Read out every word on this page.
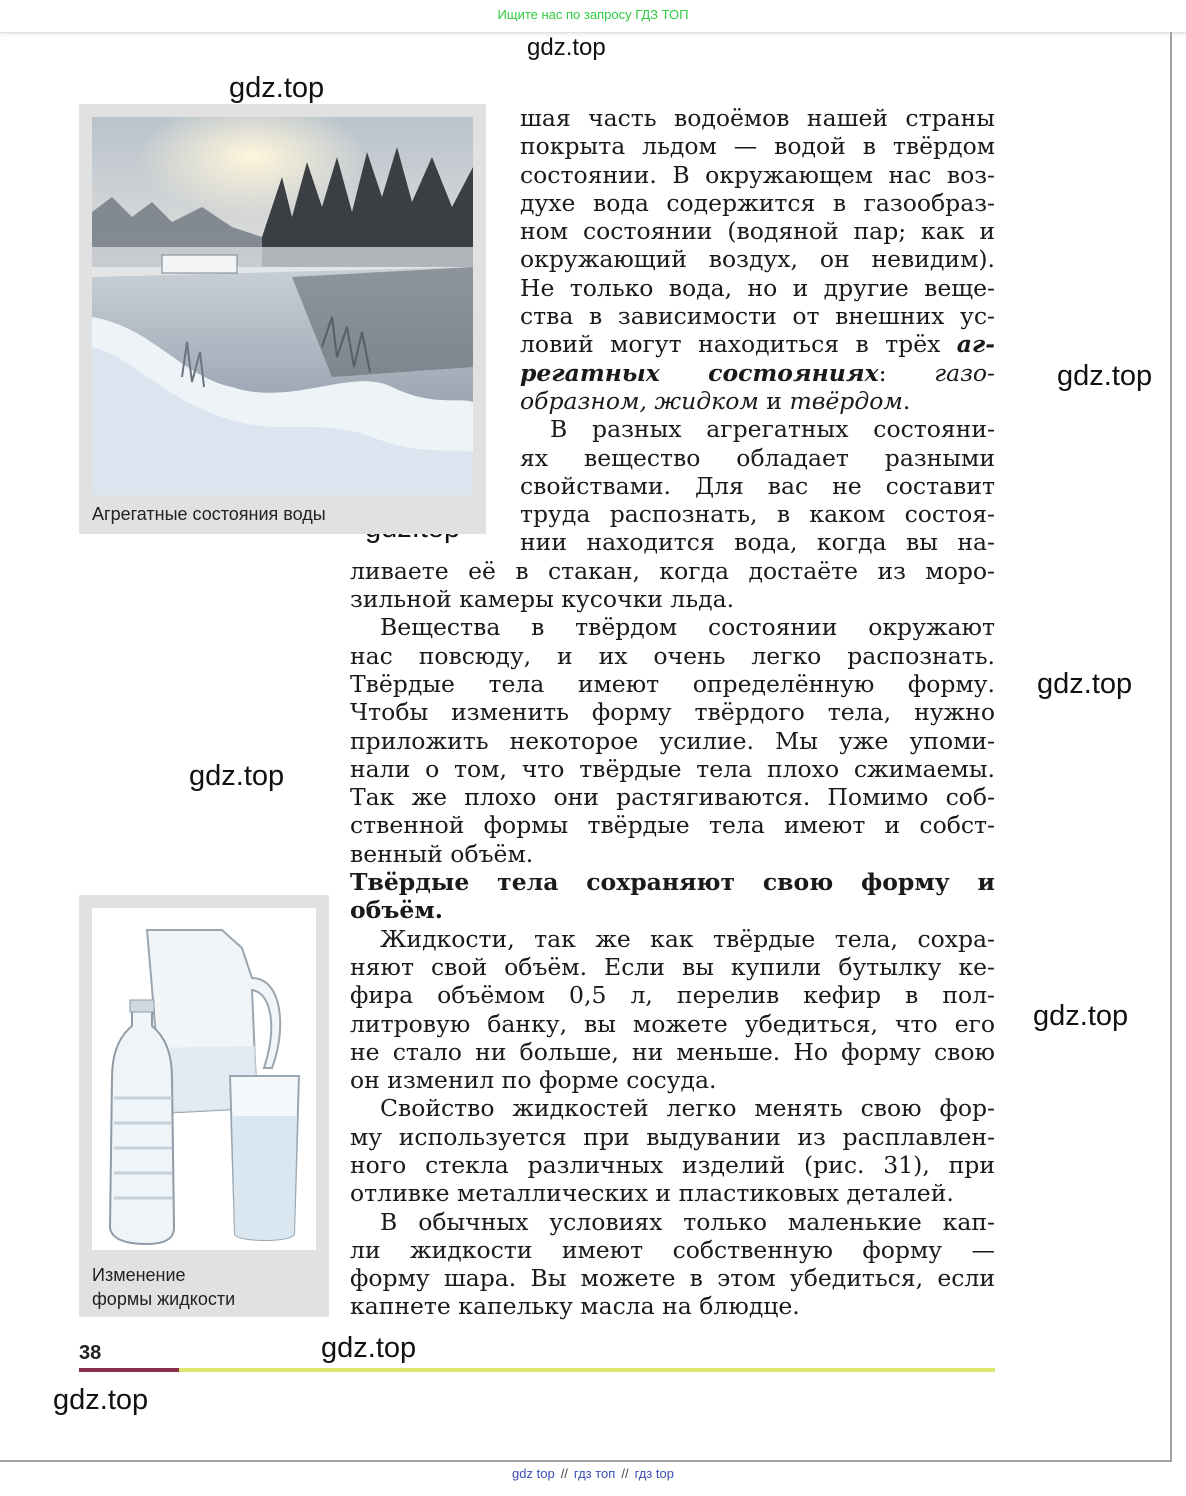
Ищите нас по запросу ГДЗ ТОП
gdz.top
gdz.top
gdz.top
gdz.top
gdz.top
gdz.top
gdz.top
gdz.top
Агрегатные состояния воды
Изменение
формы жидкости
шая часть водоёмов нашей страны
покрыта льдом — водой в твёрдом
состоянии. В окружающем нас воз-
духе вода содержится в газообраз-
ном состоянии (водяной пар; как и
окружающий воздух, он невидим).
Не только вода, но и другие веще-
ства в зависимости от внешних ус-
ловий могут находиться в трёх аг-
регатных состояниях: газо-
образном, жидком и твёрдом.
В разных агрегатных состояни-
ях вещество обладает разными
свойствами. Для вас не составит
труда распознать, в каком состоя-
нии находится вода, когда вы на-
ливаете её в стакан, когда достаёте из моро-
зильной камеры кусочки льда.
Вещества в твёрдом состоянии окружают
нас повсюду, и их очень легко распознать.
Твёрдые тела имеют определённую форму.
Чтобы изменить форму твёрдого тела, нужно
приложить некоторое усилие. Мы уже упоми-
нали о том, что твёрдые тела плохо сжимаемы.
Так же плохо они растягиваются. Помимо соб-
ственной формы твёрдые тела имеют и собст-
венный объём.
Твёрдые тела сохраняют свою форму и
объём.
Жидкости, так же как твёрдые тела, сохра-
няют свой объём. Если вы купили бутылку ке-
фира объёмом 0,5 л, перелив кефир в пол-
литровую банку, вы можете убедиться, что его
не стало ни больше, ни меньше. Но форму свою
он изменил по форме сосуда.
Свойство жидкостей легко менять свою фор-
му используется при выдувании из расплавлен-
ного стекла различных изделий (рис. 31), при
отливке металлических и пластиковых деталей.
В обычных условиях только маленькие кап-
ли жидкости имеют собственную форму —
форму шара. Вы можете в этом убедиться, если
капнете капельку масла на блюдце.
38
gdz top // гдз топ // гдз top
